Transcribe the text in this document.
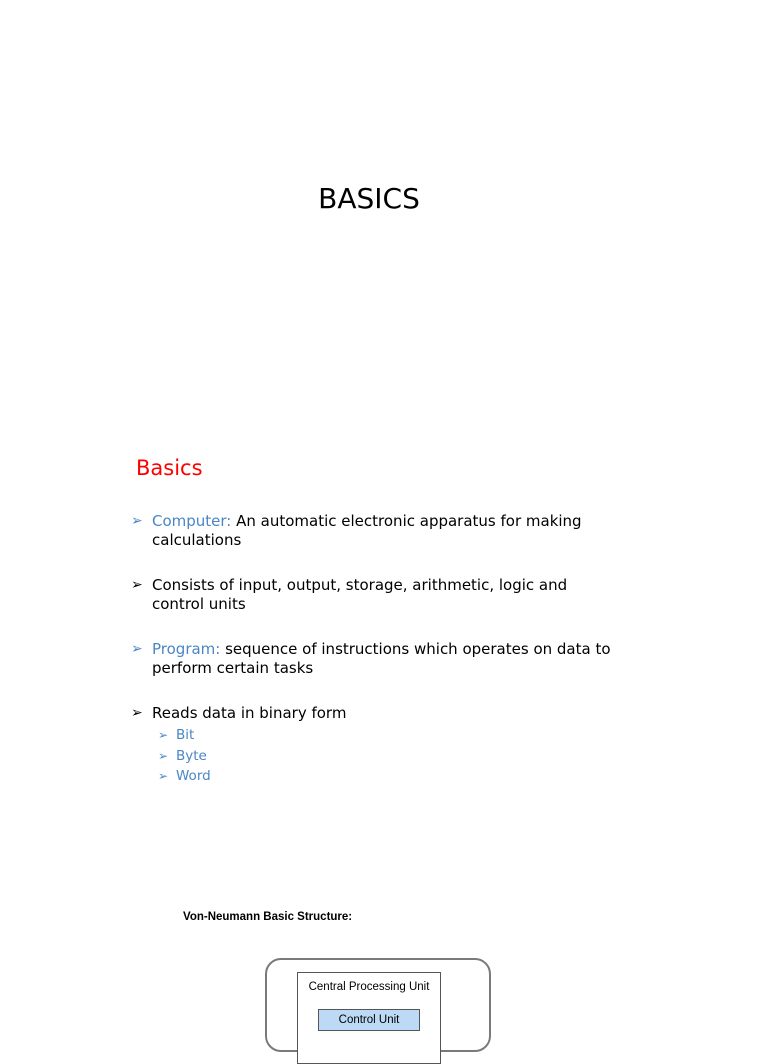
BASICS
Basics
➢ Computer: An automatic electronic apparatus for making calculations
➢ Consists of input, output, storage, arithmetic, logic and control units
➢ Program: sequence of instructions which operates on data to perform certain tasks
➢ Reads data in binary form
➢ Bit
➢ Byte
➢ Word
Von-Neumann Basic Structure:
Central Processing Unit
Control Unit
